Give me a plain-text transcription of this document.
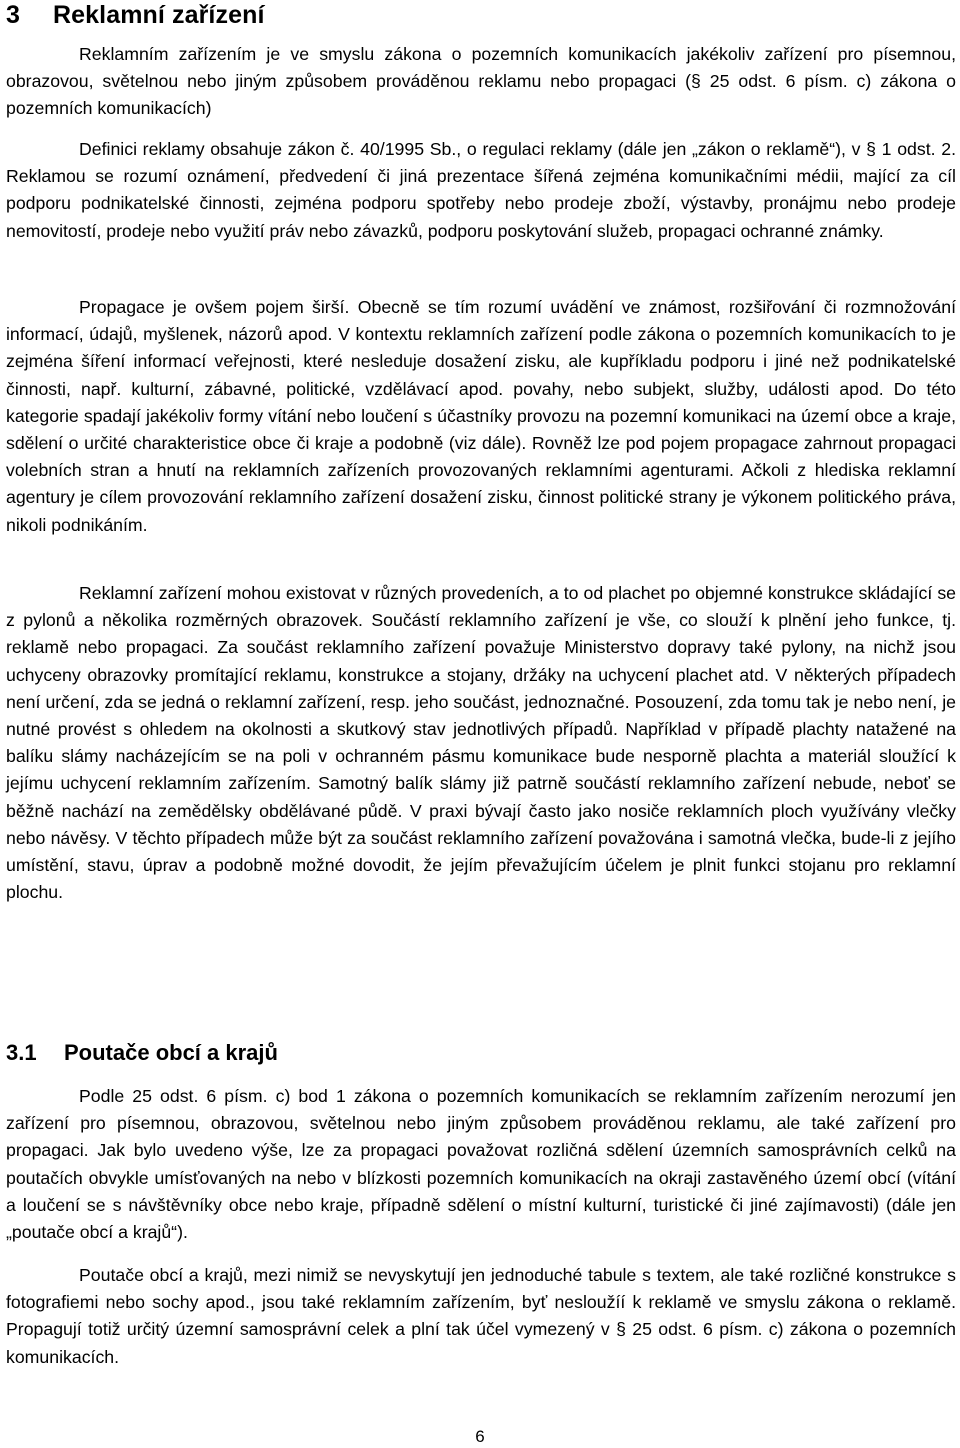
3 Reklamní zařízení

Reklamním zařízením je ve smyslu zákona o pozemních komunikacích jakékoliv zařízení pro písemnou, obrazovou, světelnou nebo jiným způsobem prováděnou reklamu nebo propagaci (§ 25 odst. 6 písm. c) zákona o pozemních komunikacích)

Definici reklamy obsahuje zákon č. 40/1995 Sb., o regulaci reklamy (dále jen „zákon o reklamě“), v § 1 odst. 2. Reklamou se rozumí oznámení, předvedení či jiná prezentace šířená zejména komunikačními médii, mající za cíl podporu podnikatelské činnosti, zejména podporu spotřeby nebo prodeje zboží, výstavby, pronájmu nebo prodeje nemovitostí, prodeje nebo využití práv nebo závazků, podporu poskytování služeb, propagaci ochranné známky.

Propagace je ovšem pojem širší. Obecně se tím rozumí uvádění ve známost, rozšiřování či rozmnožování informací, údajů, myšlenek, názorů apod. V kontextu reklamních zařízení podle zákona o pozemních komunikacích to je zejména šíření informací veřejnosti, které nesleduje dosažení zisku, ale kupříkladu podporu i jiné než podnikatelské činnosti, např. kulturní, zábavné, politické, vzdělávací apod. povahy, nebo subjekt, služby, události apod. Do této kategorie spadají jakékoliv formy vítání nebo loučení s účastníky provozu na pozemní komunikaci na území obce a kraje, sdělení o určité charakteristice obce či kraje a podobně (viz dále). Rovněž lze pod pojem propagace zahrnout propagaci volebních stran a hnutí na reklamních zařízeních provozovaných reklamními agenturami. Ačkoli z hlediska reklamní agentury je cílem provozování reklamního zařízení dosažení zisku, činnost politické strany je výkonem politického práva, nikoli podnikáním.

Reklamní zařízení mohou existovat v různých provedeních, a to od plachet po objemné konstrukce skládající se z pylonů a několika rozměrných obrazovek. Součástí reklamního zařízení je vše, co slouží k plnění jeho funkce, tj. reklamě nebo propagaci. Za součást reklamního zařízení považuje Ministerstvo dopravy také pylony, na nichž jsou uchyceny obrazovky promítající reklamu, konstrukce a stojany, držáky na uchycení plachet atd. V některých případech není určení, zda se jedná o reklamní zařízení, resp. jeho součást, jednoznačné. Posouzení, zda tomu tak je nebo není, je nutné provést s ohledem na okolnosti a skutkový stav jednotlivých případů. Například v případě plachty natažené na balíku slámy nacházejícím se na poli v ochranném pásmu komunikace bude nesporně plachta a materiál sloužící k jejímu uchycení reklamním zařízením. Samotný balík slámy již patrně součástí reklamního zařízení nebude, neboť se běžně nachází na zemědělsky obdělávané půdě. V praxi bývají často jako nosiče reklamních ploch využívány vlečky nebo návěsy. V těchto případech může být za součást reklamního zařízení považována i samotná vlečka, bude-li z jejího umístění, stavu, úprav a podobně možné dovodit, že jejím převažujícím účelem je plnit funkci stojanu pro reklamní plochu.

3.1 Poutače obcí a krajů

Podle 25 odst. 6 písm. c) bod 1 zákona o pozemních komunikacích se reklamním zařízením nerozumí jen zařízení pro písemnou, obrazovou, světelnou nebo jiným způsobem prováděnou reklamu, ale také zařízení pro propagaci. Jak bylo uvedeno výše, lze za propagaci považovat rozličná sdělení územních samosprávních celků na poutačích obvykle umísťovaných na nebo v blízkosti pozemních komunikacích na okraji zastavěného území obcí (vítání a loučení se s návštěvníky obce nebo kraje, případně sdělení o místní kulturní, turistické či jiné zajímavosti) (dále jen „poutače obcí a krajů“).

Poutače obcí a krajů, mezi nimiž se nevyskytují jen jednoduché tabule s textem, ale také rozličné konstrukce s fotografiemi nebo sochy apod., jsou také reklamním zařízením, byť nesloužíí k reklamě ve smyslu zákona o reklamě. Propagují totiž určitý územní samosprávní celek a plní tak účel vymezený v § 25 odst. 6 písm. c) zákona o pozemních komunikacích.

6
